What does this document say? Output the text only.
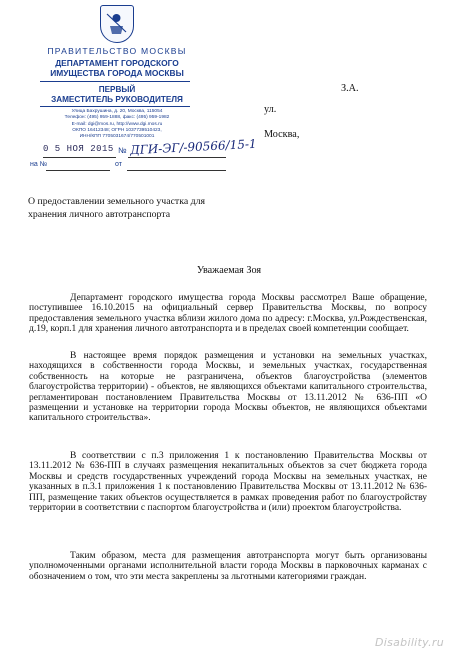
ПРАВИТЕЛЬСТВО МОСКВЫ
ДЕПАРТАМЕНТ ГОРОДСКОГО
ИМУЩЕСТВА ГОРОДА МОСКВЫ
ПЕРВЫЙ
ЗАМЕСТИТЕЛЬ РУКОВОДИТЕЛЯ
Улица Бахрушина, д. 20, Москва, 115054
Телефон: (495) 959-1888, факс: (495) 959-1982
E-mail: dgi@mos.ru, http://www.dgi.mos.ru
ОКПО 16412348; ОГРН 1037739510423,
ИНН/КПП 7705031674/770501001
0 5 НОЯ 2015 № ДГИ-ЭГ/-90566/15-1
на №	от
З.А.
ул.
Москва,
О предоставлении земельного участка для хранения личного автотранспорта
Уважаемая Зоя

Департамент городского имущества города Москвы рассмотрел Ваше обращение, поступившее 16.10.2015 на официальный сервер Правительства Москвы, по вопросу предоставления земельного участка вблизи жилого дома по адресу: г.Москва, ул.Рождественская, д.19, корп.1 для хранения личного автотранспорта и в пределах своей компетенции сообщает.

В настоящее время порядок размещения и установки на земельных участках, находящихся в собственности города Москвы, и земельных участках, государственная собственность на которые не разграничена, объектов благоустройства (элементов благоустройства территории) - объектов, не являющихся объектами капитального строительства, регламентирован постановлением Правительства Москвы от 13.11.2012 № 636-ПП «О размещении и установке на территории города Москвы объектов, не являющихся объектами капитального строительства».

В соответствии с п.3 приложения 1 к постановлению Правительства Москвы от 13.11.2012 № 636-ПП в случаях размещения некапитальных объектов за счет бюджета города Москвы и средств государственных учреждений города Москвы на земельных участках, не указанных в п.3.1 приложения 1 к постановлению Правительства Москвы от 13.11.2012 № 636-ПП, размещение таких объектов осуществляется в рамках проведения работ по благоустройству территории в соответствии с паспортом благоустройства и (или) проектом благоустройства.

Таким образом, места для размещения автотранспорта могут быть организованы уполномоченными органами исполнительной власти города Москвы в парковочных карманах с обозначением о том, что эти места закреплены за льготными категориями граждан.

Disability.ru
